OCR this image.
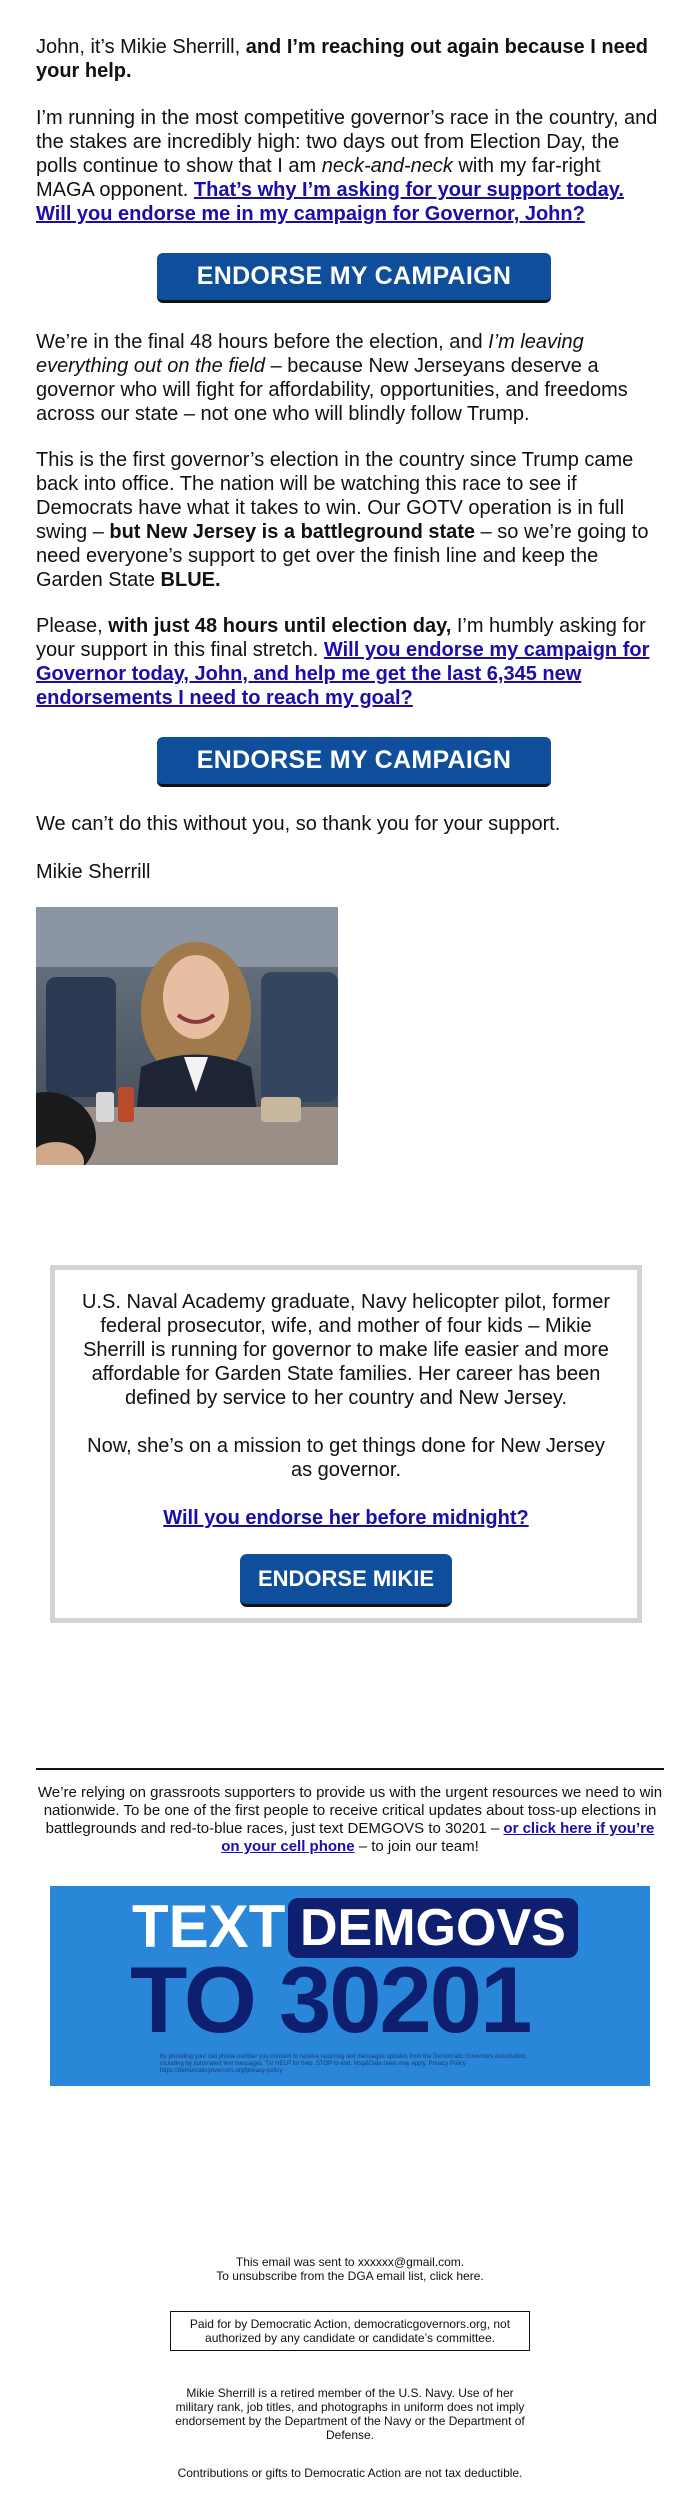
John, it’s Mikie Sherrill, and I’m reaching out again because I need your help.

I’m running in the most competitive governor’s race in the country, and the stakes are incredibly high: two days out from Election Day, the polls continue to show that I am neck-and-neck with my far-right MAGA opponent. That’s why I’m asking for your support today. Will you endorse me in my campaign for Governor, John?

ENDORSE MY CAMPAIGN

We’re in the final 48 hours before the election, and I’m leaving everything out on the field – because New Jerseyans deserve a governor who will fight for affordability, opportunities, and freedoms across our state – not one who will blindly follow Trump.

This is the first governor’s election in the country since Trump came back into office. The nation will be watching this race to see if Democrats have what it takes to win. Our GOTV operation is in full swing – but New Jersey is a battleground state – so we’re going to need everyone’s support to get over the finish line and keep the Garden State BLUE.

Please, with just 48 hours until election day, I’m humbly asking for your support in this final stretch. Will you endorse my campaign for Governor today, John, and help me get the last 6,345 new endorsements I need to reach my goal?

ENDORSE MY CAMPAIGN

We can’t do this without you, so thank you for your support.

Mikie Sherrill

U.S. Naval Academy graduate, Navy helicopter pilot, former federal prosecutor, wife, and mother of four kids – Mikie Sherrill is running for governor to make life easier and more affordable for Garden State families. Her career has been defined by service to her country and New Jersey.

Now, she’s on a mission to get things done for New Jersey as governor.

Will you endorse her before midnight?

ENDORSE MIKIE

We’re relying on grassroots supporters to provide us with the urgent resources we need to win nationwide. To be one of the first people to receive critical updates about toss-up elections in battlegrounds and red-to-blue races, just text DEMGOVS to 30201 – or click here if you’re on your cell phone – to join our team!

TEXT DEMGOVS
TO 30201
By providing your cell phone number you consent to receive recurring text messages updates from the Democratic Governors Association, including by automated text messages. Txt HELP for help. STOP to end. Msg&Data rates may apply. Privacy Policy https://democraticgovernors.org/privacy-policy
This email was sent to xxxxxx@gmail.com.
To unsubscribe from the DGA email list, click here.
Paid for by Democratic Action, democraticgovernors.org, not authorized by any candidate or candidate’s committee.
Mikie Sherrill is a retired member of the U.S. Navy. Use of her military rank, job titles, and photographs in uniform does not imply endorsement by the Department of the Navy or the Department of Defense.
Contributions or gifts to Democratic Action are not tax deductible.
